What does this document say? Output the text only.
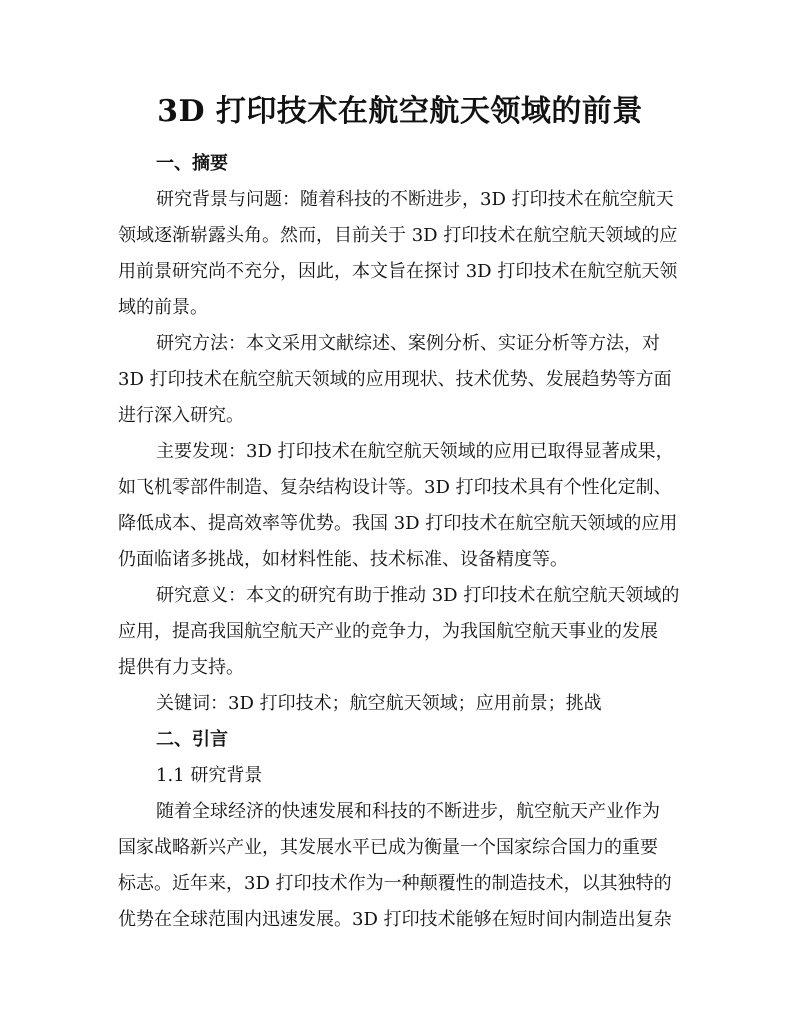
3D 打印技术在航空航天领域的前景
一、摘要
研究背景与问题：随着科技的不断进步，3D 打印技术在航空航天
领域逐渐崭露头角。然而，目前关于 3D 打印技术在航空航天领域的应
用前景研究尚不充分，因此，本文旨在探讨 3D 打印技术在航空航天领
域的前景。
研究方法：本文采用文献综述、案例分析、实证分析等方法，对
3D 打印技术在航空航天领域的应用现状、技术优势、发展趋势等方面
进行深入研究。
主要发现：3D 打印技术在航空航天领域的应用已取得显著成果，
如飞机零部件制造、复杂结构设计等。3D 打印技术具有个性化定制、
降低成本、提高效率等优势。我国 3D 打印技术在航空航天领域的应用
仍面临诸多挑战，如材料性能、技术标准、设备精度等。
研究意义：本文的研究有助于推动 3D 打印技术在航空航天领域的
应用，提高我国航空航天产业的竞争力，为我国航空航天事业的发展
提供有力支持。
关键词：3D 打印技术；航空航天领域；应用前景；挑战
二、引言
1.1 研究背景
随着全球经济的快速发展和科技的不断进步，航空航天产业作为
国家战略新兴产业，其发展水平已成为衡量一个国家综合国力的重要
标志。近年来，3D 打印技术作为一种颠覆性的制造技术，以其独特的
优势在全球范围内迅速发展。3D 打印技术能够在短时间内制造出复杂
